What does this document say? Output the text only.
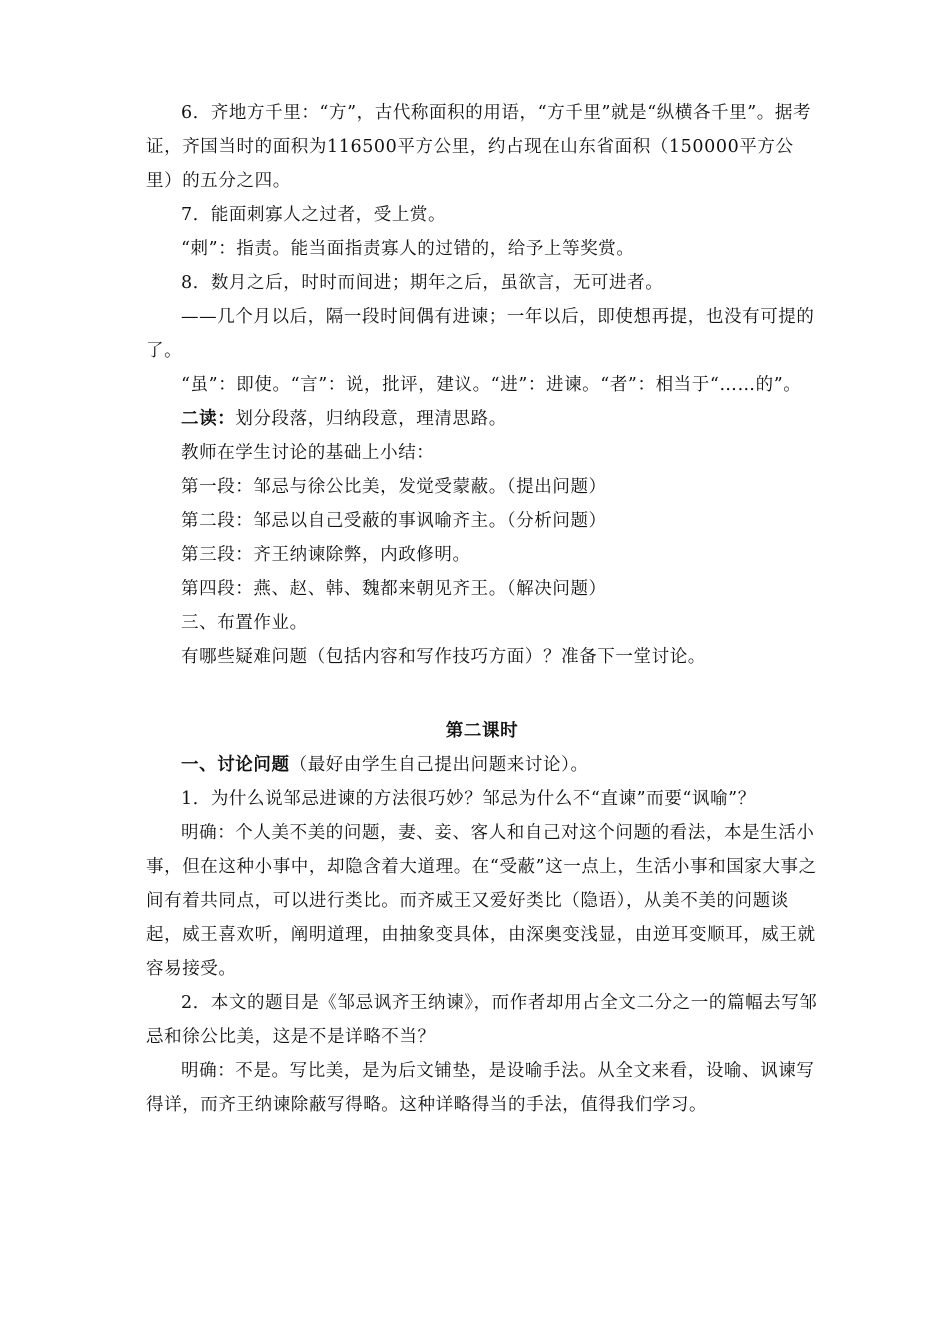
6．齐地方千里：“方”，古代称面积的用语，“方千里”就是“纵横各千里”。据考证，齐国当时的面积为116500平方公里，约占现在山东省面积（150000平方公里）的五分之四。

7．能面刺寡人之过者，受上赏。

“刺”：指责。能当面指责寡人的过错的，给予上等奖赏。

8．数月之后，时时而间进；期年之后，虽欲言，无可进者。

——几个月以后，隔一段时间偶有进谏；一年以后，即使想再提，也没有可提的了。

“虽”：即使。“言”：说，批评，建议。“进”：进谏。“者”：相当于“……的”。

二读：划分段落，归纳段意，理清思路。

教师在学生讨论的基础上小结：

第一段：邹忌与徐公比美，发觉受蒙蔽。（提出问题）

第二段：邹忌以自己受蔽的事讽喻齐主。（分析问题）

第三段：齐王纳谏除弊，内政修明。

第四段：燕、赵、韩、魏都来朝见齐王。（解决问题）

三、布置作业。

有哪些疑难问题（包括内容和写作技巧方面）？准备下一堂讨论。

第二课时

一、讨论问题（最好由学生自己提出问题来讨论）。

1．为什么说邹忌进谏的方法很巧妙？邹忌为什么不“直谏”而要“讽喻”？

明确：个人美不美的问题，妻、妾、客人和自己对这个问题的看法，本是生活小事，但在这种小事中，却隐含着大道理。在“受蔽”这一点上，生活小事和国家大事之间有着共同点，可以进行类比。而齐威王又爱好类比（隐语），从美不美的问题谈起，威王喜欢听，阐明道理，由抽象变具体，由深奥变浅显，由逆耳变顺耳，威王就容易接受。

2．本文的题目是《邹忌讽齐王纳谏》，而作者却用占全文二分之一的篇幅去写邹忌和徐公比美，这是不是详略不当？

明确：不是。写比美，是为后文铺垫，是设喻手法。从全文来看，设喻、讽谏写得详，而齐王纳谏除蔽写得略。这种详略得当的手法，值得我们学习。
